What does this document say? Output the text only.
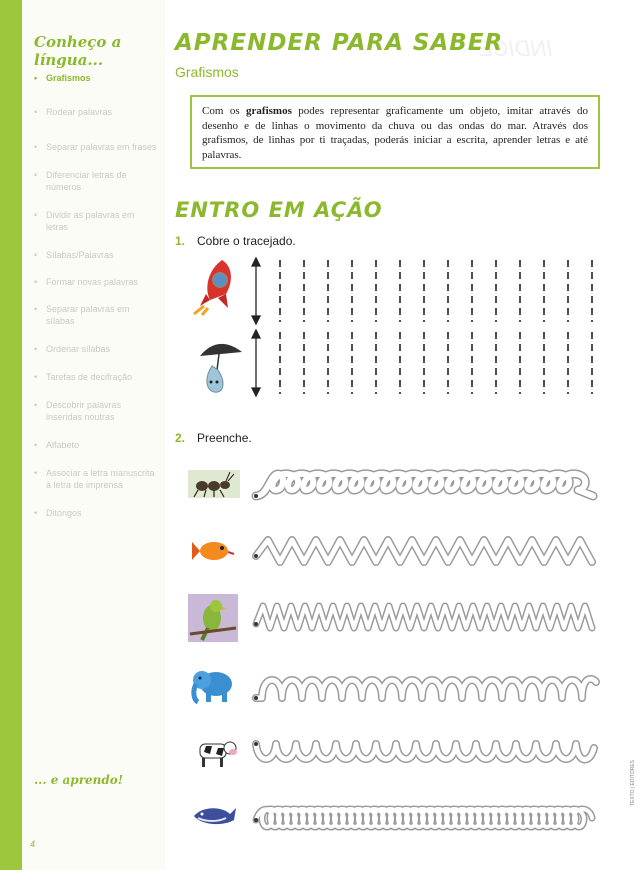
Conheço a língua...
• Grafismos
• Rodear palavras
• Separar palavras em frases
• Diferenciar letras de números
• Dividir as palavras em letras
• Sílabas/Palavras
• Formar novas palavras
• Separar palavras em sílabas
• Ordenar sílabas
• Tarefas de decifração
• Descobrir palavras inseridas noutras
• Alfabeto
• Associar a letra manuscrita à letra de imprensa
• Ditongos
... e aprendo!
4
INDICE
APRENDER PARA SABER
Grafismos
Com os grafismos podes representar graficamente um objeto, imitar através do desenho e de linhas o movimento da chuva ou das ondas do mar. Através dos grafismos, de linhas por ti traçadas, poderás iniciar a escrita, aprender letras e até palavras.
ENTRO EM AÇÃO
1. Cobre o tracejado.
2. Preenche.
TEXTO | EDITORES
